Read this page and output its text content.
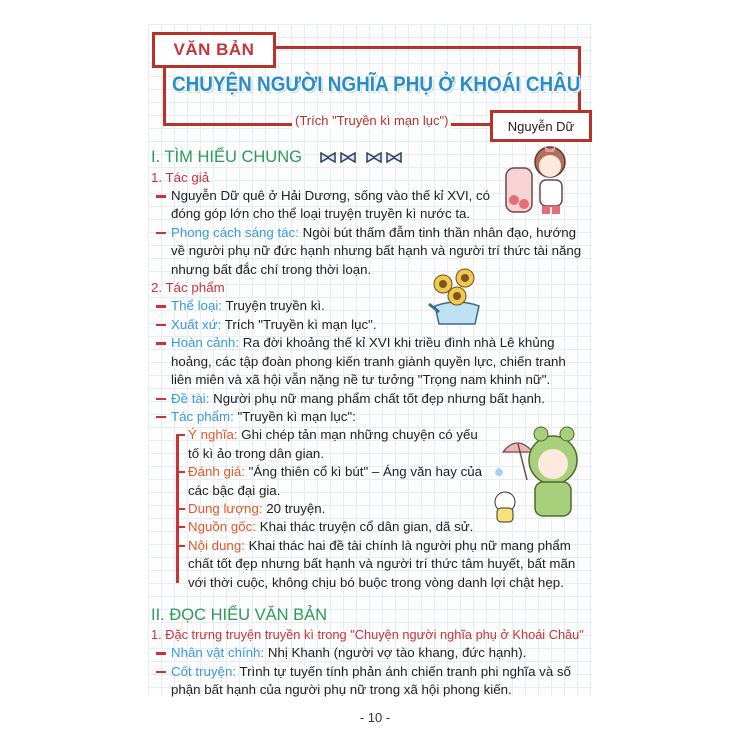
VĂN BẢN
CHUYỆN NGƯỜI NGHĨA PHỤ Ở KHOÁI CHÂU
(Trích "Truyền kì mạn lục")	Nguyễn Dữ

I. TÌM HIỂU CHUNG

1. Tác giả

Nguyễn Dữ quê ở Hải Dương, sống vào thế kỉ XVI, có đóng góp lớn cho thể loại truyện truyền kì nước ta.

Phong cách sáng tác: Ngòi bút thấm đẫm tinh thần nhân đạo, hướng về người phụ nữ đức hạnh nhưng bất hạnh và người trí thức tài năng nhưng bất đắc chí trong thời loạn.

2. Tác phẩm

Thể loại: Truyện truyền kì.

Xuất xứ: Trích "Truyền kì mạn lục".

Hoàn cảnh: Ra đời khoảng thế kỉ XVI khi triều đình nhà Lê khủng hoảng, các tập đoàn phong kiến tranh giành quyền lực, chiến tranh liên miên và xã hội vẫn nặng nề tư tưởng "Trọng nam khinh nữ".

Đề tài: Người phụ nữ mang phẩm chất tốt đẹp nhưng bất hạnh.

Tác phẩm: "Truyền kì mạn lục":

Ý nghĩa: Ghi chép tản mạn những chuyện có yếu tố kì ảo trong dân gian.

Đánh giá: "Áng thiên cổ kì bút" – Áng văn hay của các bậc đại gia.

Dung lượng: 20 truyện.

Nguồn gốc: Khai thác truyện cổ dân gian, dã sử.

Nội dung: Khai thác hai đề tài chính là người phụ nữ mang phẩm chất tốt đẹp nhưng bất hạnh và người trí thức tâm huyết, bất mãn với thời cuộc, không chịu bó buộc trong vòng danh lợi chật hẹp.

II. ĐỌC HIỂU VĂN BẢN

1. Đặc trưng truyện truyền kì trong "Chuyện người nghĩa phụ ở Khoái Châu"

Nhân vật chính: Nhị Khanh (người vợ tào khang, đức hạnh).

Cốt truyện: Trình tự tuyến tính phản ánh chiến tranh phi nghĩa và số phận bất hạnh của người phụ nữ trong xã hội phong kiến.

- 10 -
